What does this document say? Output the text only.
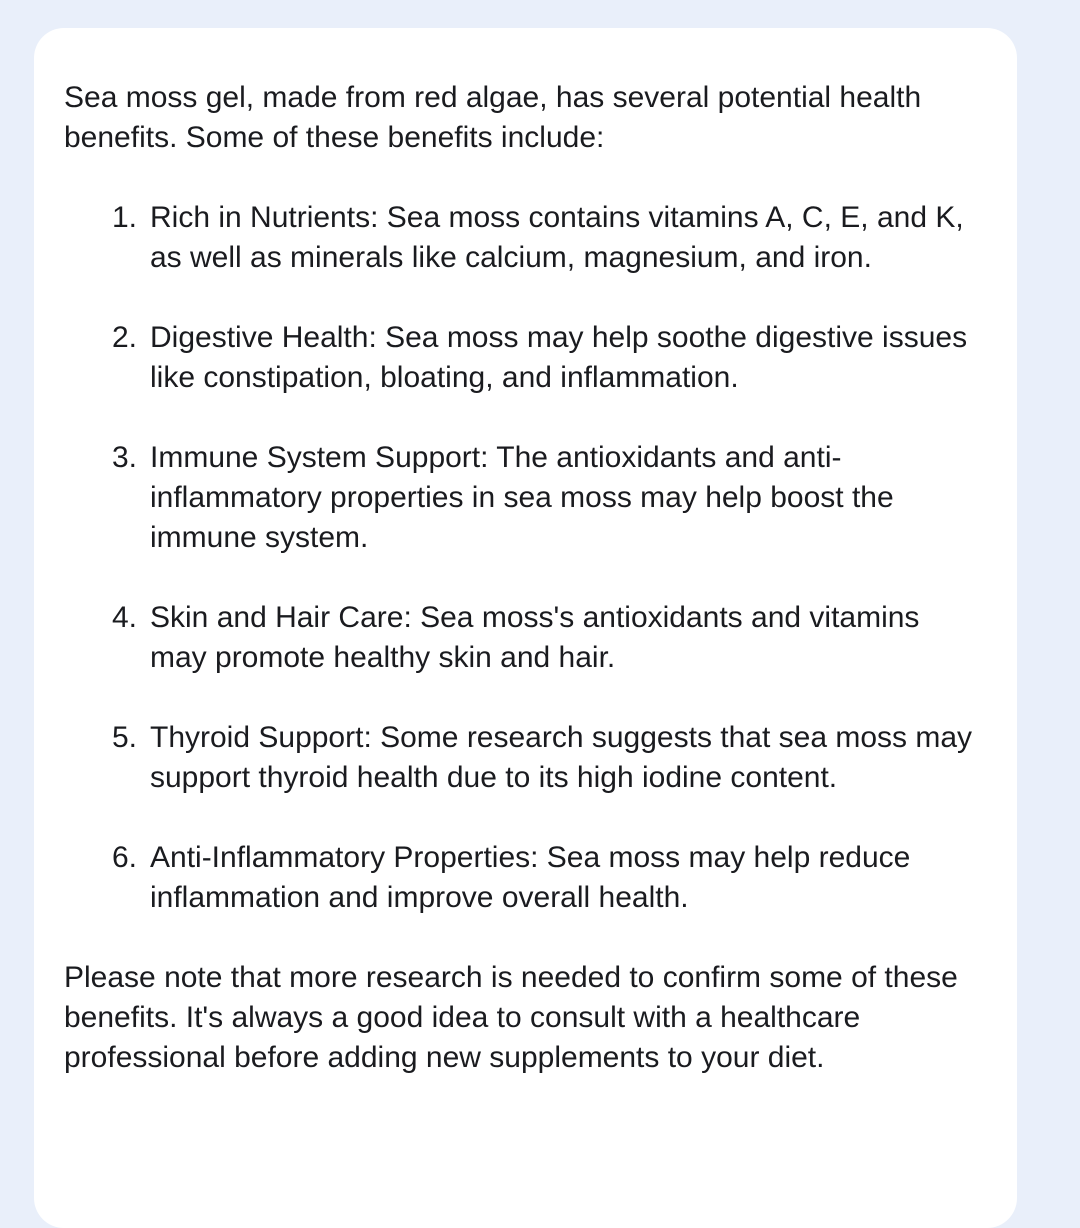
Sea moss gel, made from red algae, has several potential health benefits. Some of these benefits include:

1. Rich in Nutrients: Sea moss contains vitamins A, C, E, and K, as well as minerals like calcium, magnesium, and iron.
2. Digestive Health: Sea moss may help soothe digestive issues like constipation, bloating, and inflammation.
3. Immune System Support: The antioxidants and anti-inflammatory properties in sea moss may help boost the immune system.
4. Skin and Hair Care: Sea moss's antioxidants and vitamins may promote healthy skin and hair.
5. Thyroid Support: Some research suggests that sea moss may support thyroid health due to its high iodine content.
6. Anti-Inflammatory Properties: Sea moss may help reduce inflammation and improve overall health.

Please note that more research is needed to confirm some of these benefits. It's always a good idea to consult with a healthcare professional before adding new supplements to your diet.
